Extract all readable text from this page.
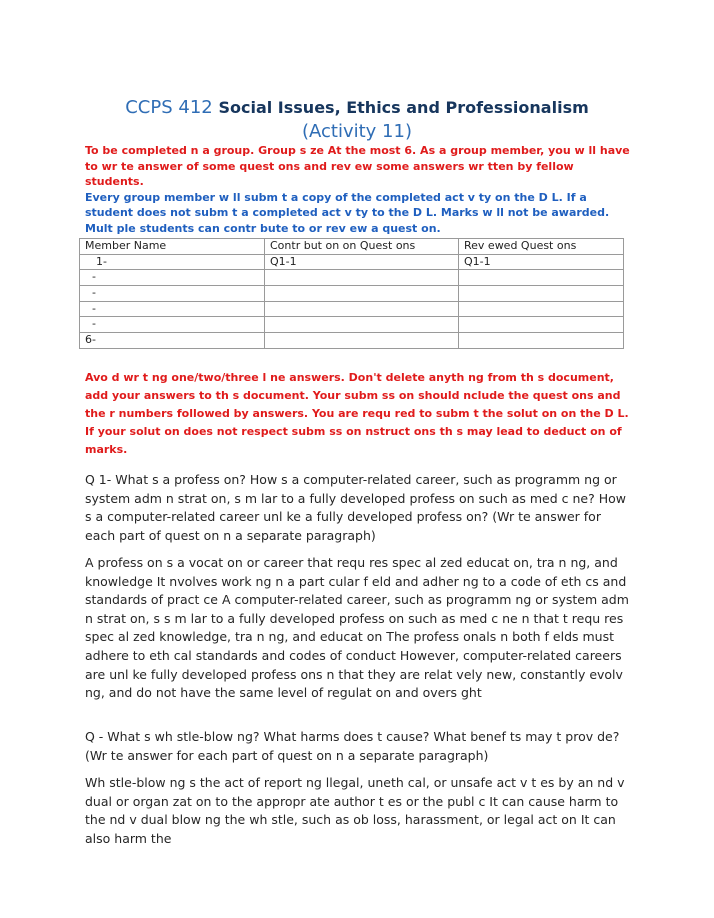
CCPS 412 Social Issues, Ethics and Professionalism
(Activity 11)

To be completed n a group. Group s ze At the most 6. As a group member, you w ll have to wr te answer of some quest ons and rev ew some answers wr tten by fellow students.

Every group member w ll subm t a copy of the completed act v ty on the D L. If a student does not subm t a completed act v ty to the D L. Marks w ll not be awarded. Mult ple students can contr bute to or rev ew a quest on.

Member Name	Contr but on on Quest ons	Rev ewed Quest ons
1-	Q1-1	Q1-1
-		
-		
-		
-		
6-		
Avo d wr t ng one/two/three l ne answers. Don't delete anyth ng from th s document, add your answers to th s document. Your subm ss on should nclude the quest ons and the r numbers followed by answers. You are requ red to subm t the solut on on the D L. If your solut on does not respect subm ss on nstruct ons th s may lead to deduct on of marks.
Q 1- What s a profess on? How s a computer-related career, such as programm ng or system adm n strat on, s m lar to a fully developed profess on such as med c ne? How s a computer-related career unl ke a fully developed profess on? (Wr te answer for each part of quest on n a separate paragraph)
A profess on s a vocat on or career that requ res spec al zed educat on, tra n ng, and knowledge It nvolves work ng n a part cular f eld and adher ng to a code of eth cs and standards of pract ce A computer-related career, such as programm ng or system adm n strat on, s s m lar to a fully developed profess on such as med c ne n that t requ res spec al zed knowledge, tra n ng, and educat on The profess onals n both f elds must adhere to eth cal standards and codes of conduct However, computer-related careers are unl ke fully developed profess ons n that they are relat vely new, constantly evolv ng, and do not have the same level of regulat on and overs ght
Q - What s wh stle-blow ng? What harms does t cause? What benef ts may t prov de? (Wr te answer for each part of quest on n a separate paragraph)
Wh stle-blow ng s the act of report ng llegal, uneth cal, or unsafe act v t es by an nd v dual or organ zat on to the appropr ate author t es or the publ c It can cause harm to the nd v dual blow ng the wh stle, such as ob loss, harassment, or legal act on It can also harm the
